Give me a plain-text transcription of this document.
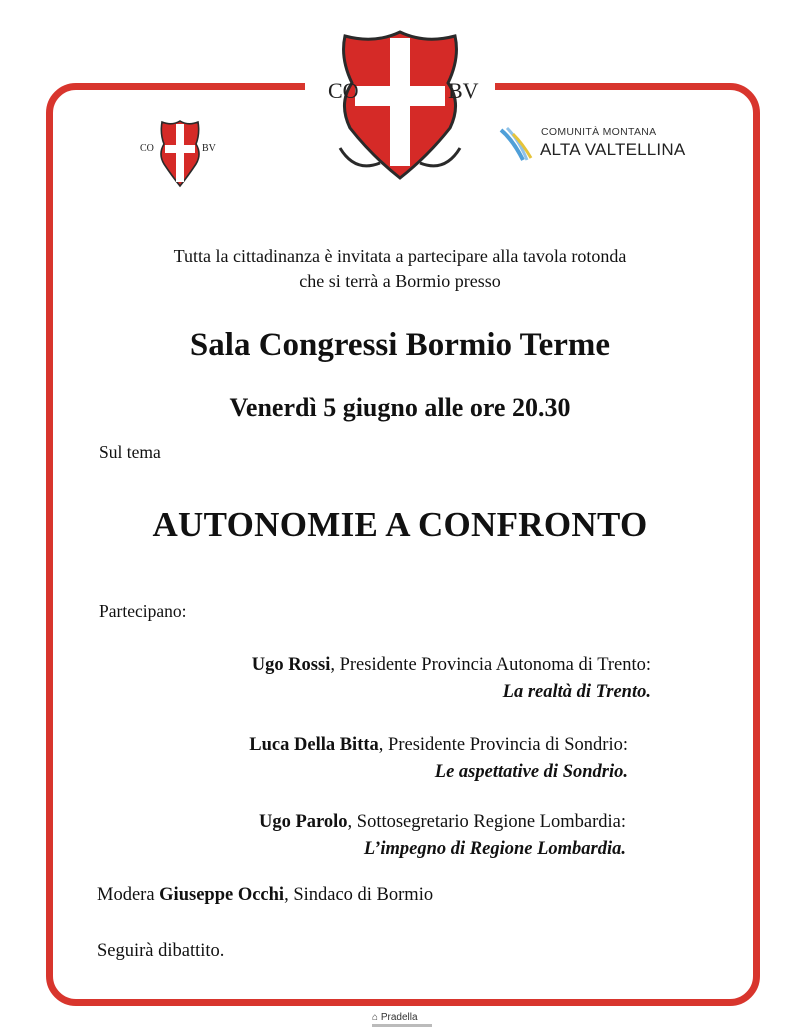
CO	BV
CO	BV
COMUNITÀ MONTANA
ALTA VALTELLINA
Tutta la cittadinanza è invitata a partecipare alla tavola rotonda
che si terrà a Bormio presso
Sala Congressi Bormio Terme
Venerdì 5 giugno alle ore 20.30
Sul tema
AUTONOMIE A CONFRONTO
Partecipano:
Ugo Rossi, Presidente Provincia Autonoma di Trento:
La realtà di Trento.
Luca Della Bitta, Presidente Provincia di Sondrio:
Le aspettative di Sondrio.
Ugo Parolo, Sottosegretario Regione Lombardia:
L’impegno di Regione Lombardia.
Modera Giuseppe Occhi, Sindaco di Bormio
Seguirà dibattito.
⌂ Pradella
